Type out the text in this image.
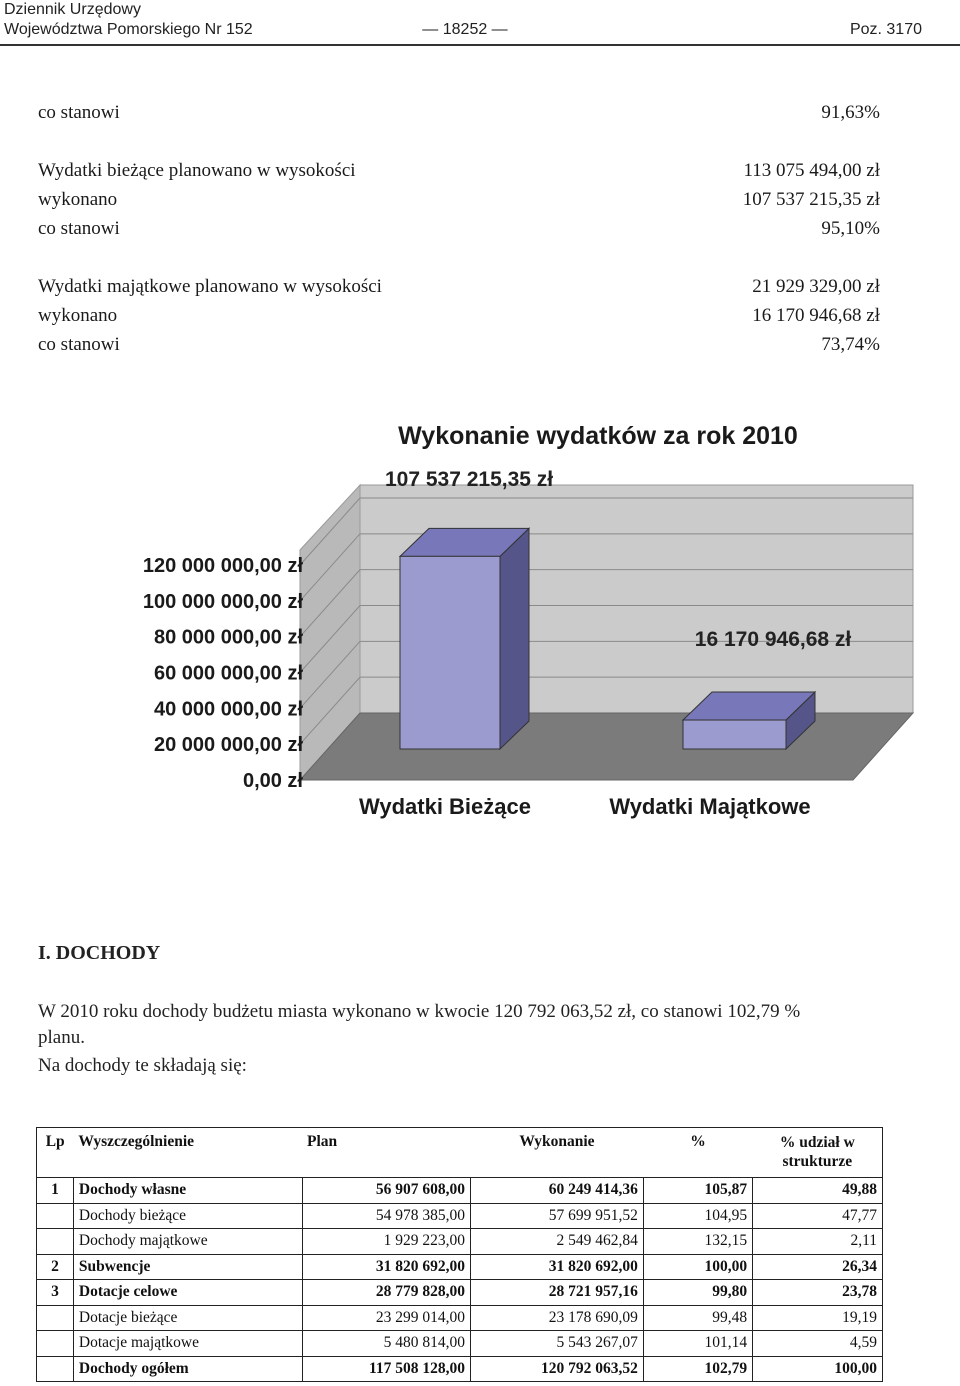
Dziennik Urzędowy
Województwa Pomorskiego Nr 152	— 18252 —	Poz. 3170
co stanowi	91,63%
Wydatki bieżące planowano w wysokości	113 075 494,00 zł
wykonano	107 537 215,35 zł
co stanowi	95,10%
Wydatki majątkowe planowano w wysokości	21 929 329,00 zł
wykonano	16 170 946,68 zł
co stanowi	73,74%
0,00 zł
20 000 000,00 zł
40 000 000,00 zł
60 000 000,00 zł
80 000 000,00 zł
100 000 000,00 zł
120 000 000,00 zł
107 537 215,35 zł
16 170 946,68 zł
Wydatki Bieżące	Wydatki Majątkowe
Wykonanie wydatków za rok 2010
I. DOCHODY
W 2010 roku dochody budżetu miasta wykonano w kwocie 120 792 063,52 zł, co stanowi 102,79 %
planu.
Na dochody te składają się:
Lp	Wyszczególnienie	Plan	Wykonanie	%	% udział w strukturze
1	Dochody własne	56 907 608,00	60 249 414,36	105,87	49,88
	Dochody bieżące	54 978 385,00	57 699 951,52	104,95	47,77
	Dochody majątkowe	1 929 223,00	2 549 462,84	132,15	2,11
2	Subwencje	31 820 692,00	31 820 692,00	100,00	26,34
3	Dotacje celowe	28 779 828,00	28 721 957,16	99,80	23,78
	Dotacje bieżące	23 299 014,00	23 178 690,09	99,48	19,19
	Dotacje majątkowe	5 480 814,00	5 543 267,07	101,14	4,59
	Dochody ogółem	117 508 128,00	120 792 063,52	102,79	100,00
